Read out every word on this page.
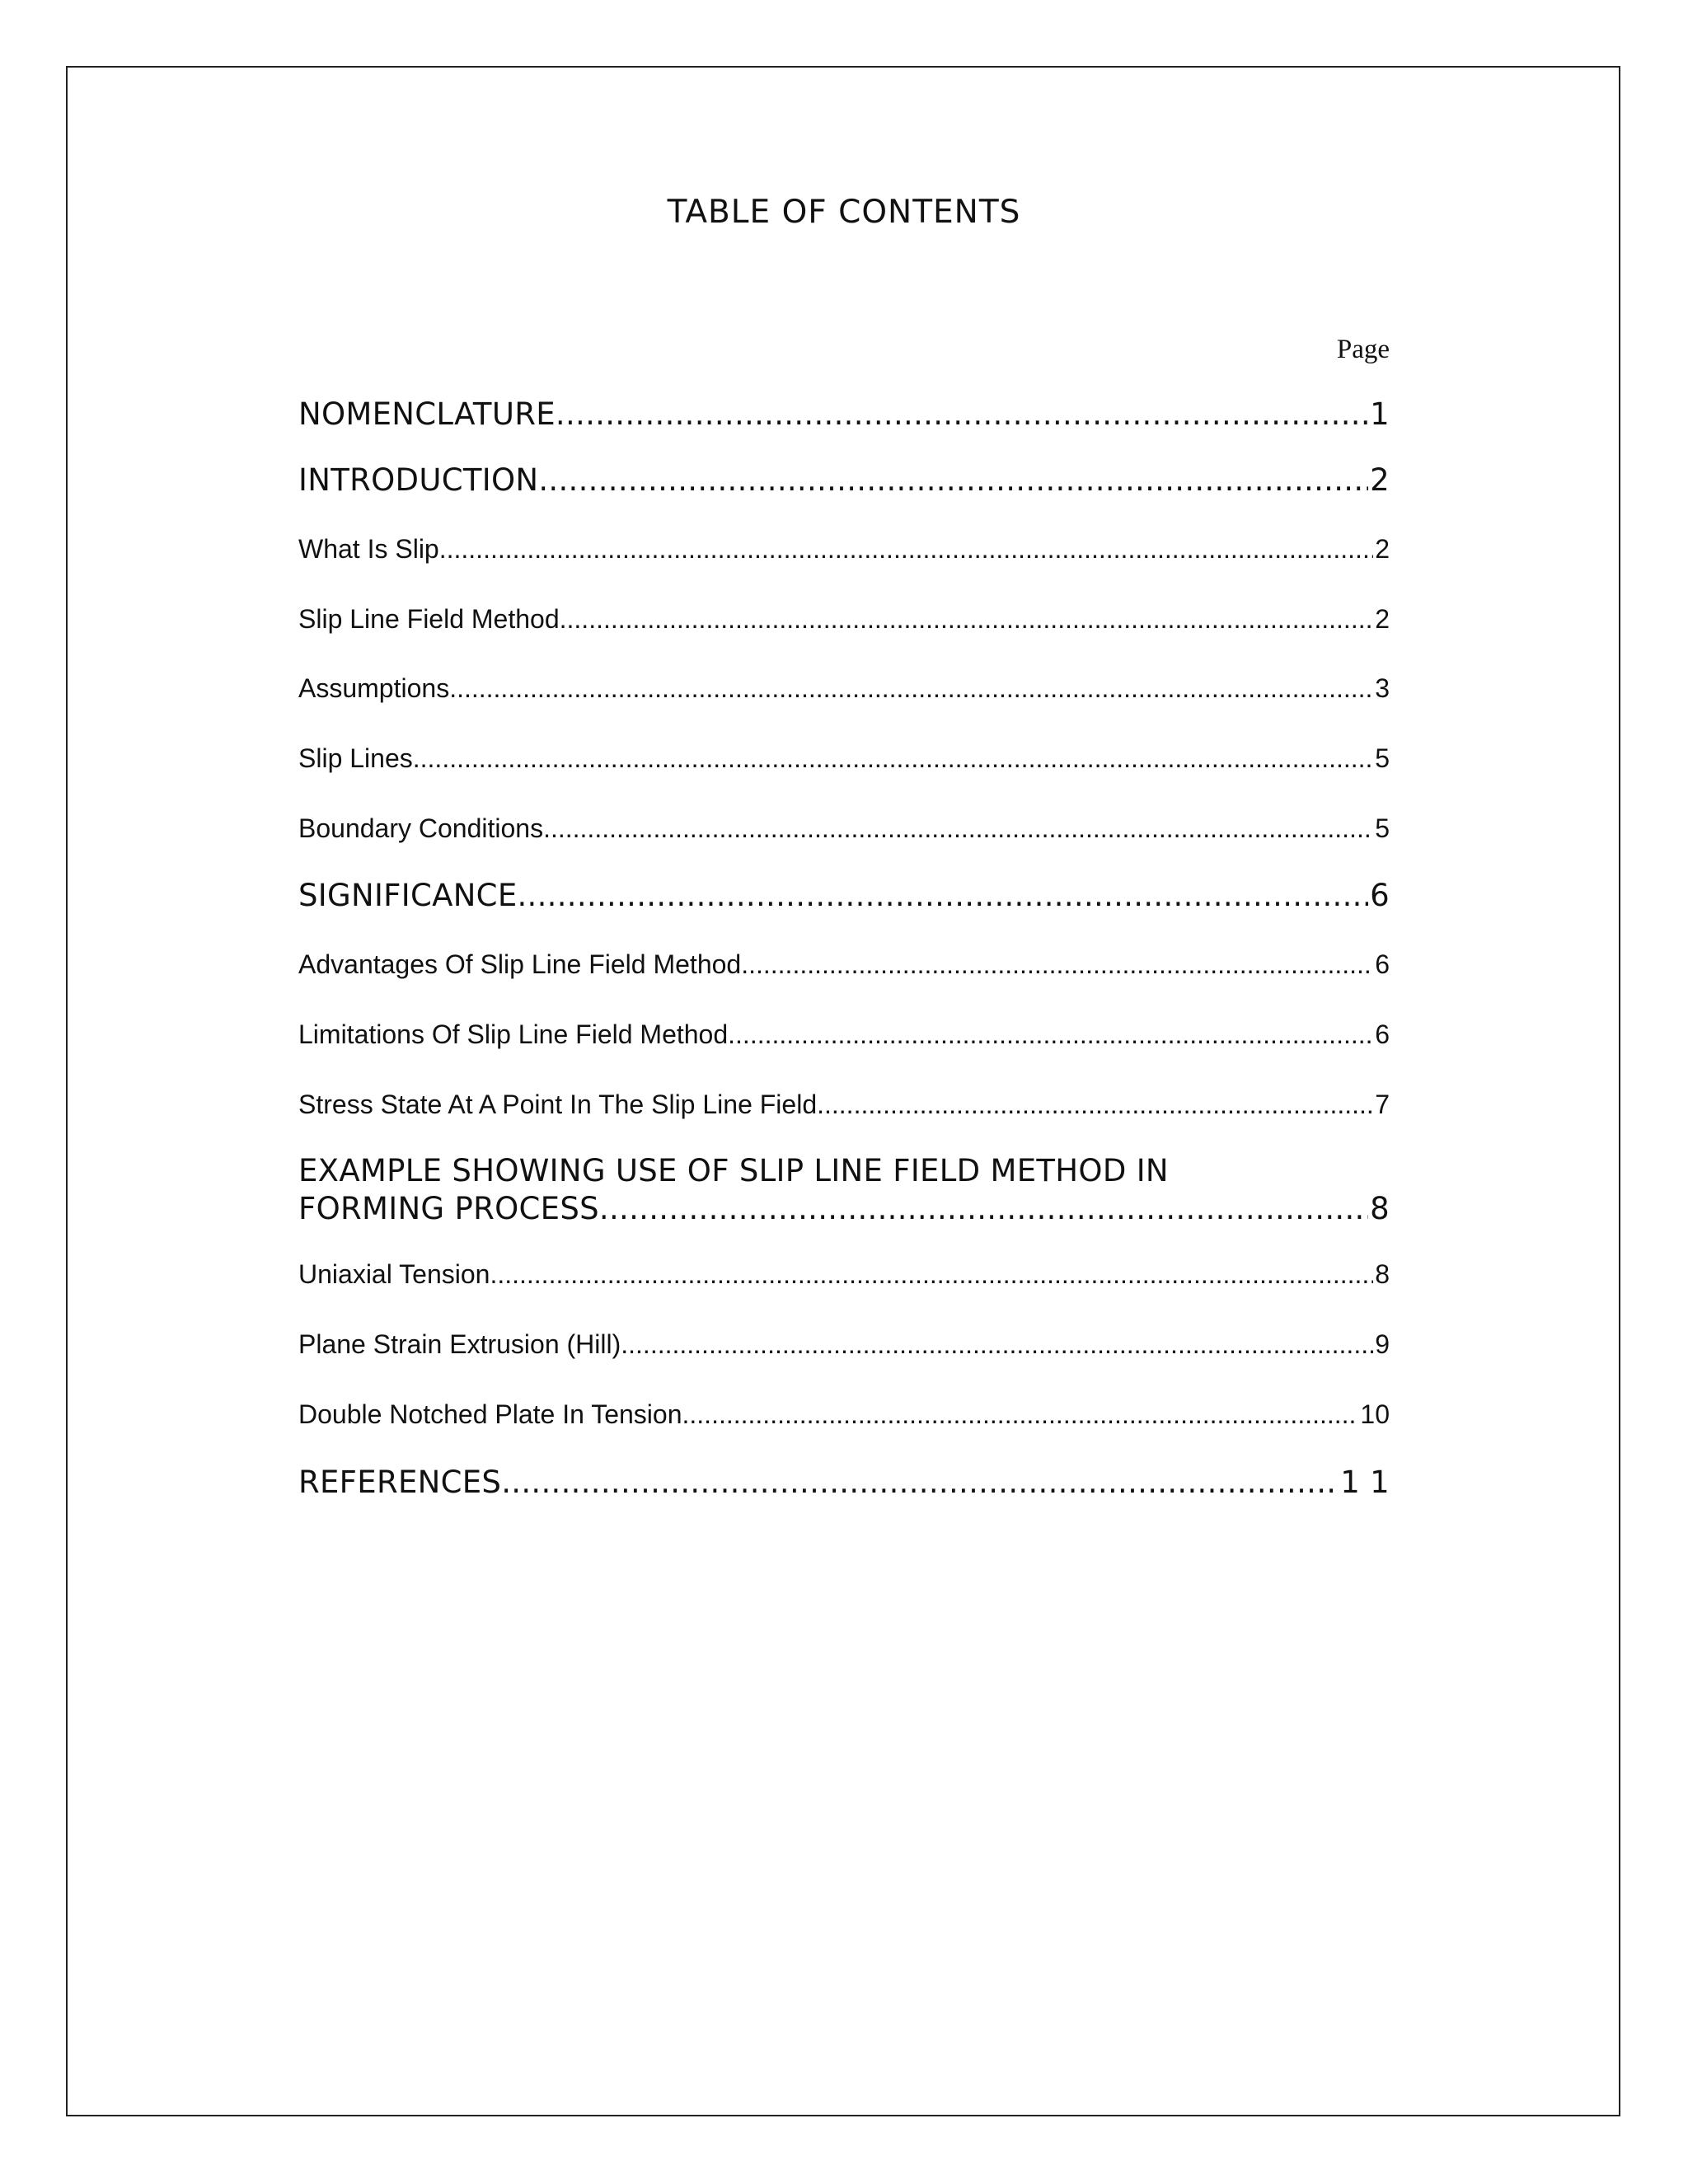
TABLE OF CONTENTS
Page
NOMENCLATURE .....	1
INTRODUCTION .....	2
What Is Slip .....	2
Slip Line Field Method .....	2
Assumptions .....	3
Slip Lines .....	5
Boundary Conditions .....	5
SIGNIFICANCE .....	6
Advantages Of Slip Line Field Method .....	6
Limitations Of Slip Line Field Method .....	6
Stress State At A Point In The Slip Line Field .....	7
EXAMPLE SHOWING USE OF SLIP LINE FIELD METHOD IN
FORMING PROCESS .....	8
Uniaxial Tension .....	8
Plane Strain Extrusion (Hill) .....	9
Double Notched Plate In Tension .....	10
REFERENCES .....	1 1
